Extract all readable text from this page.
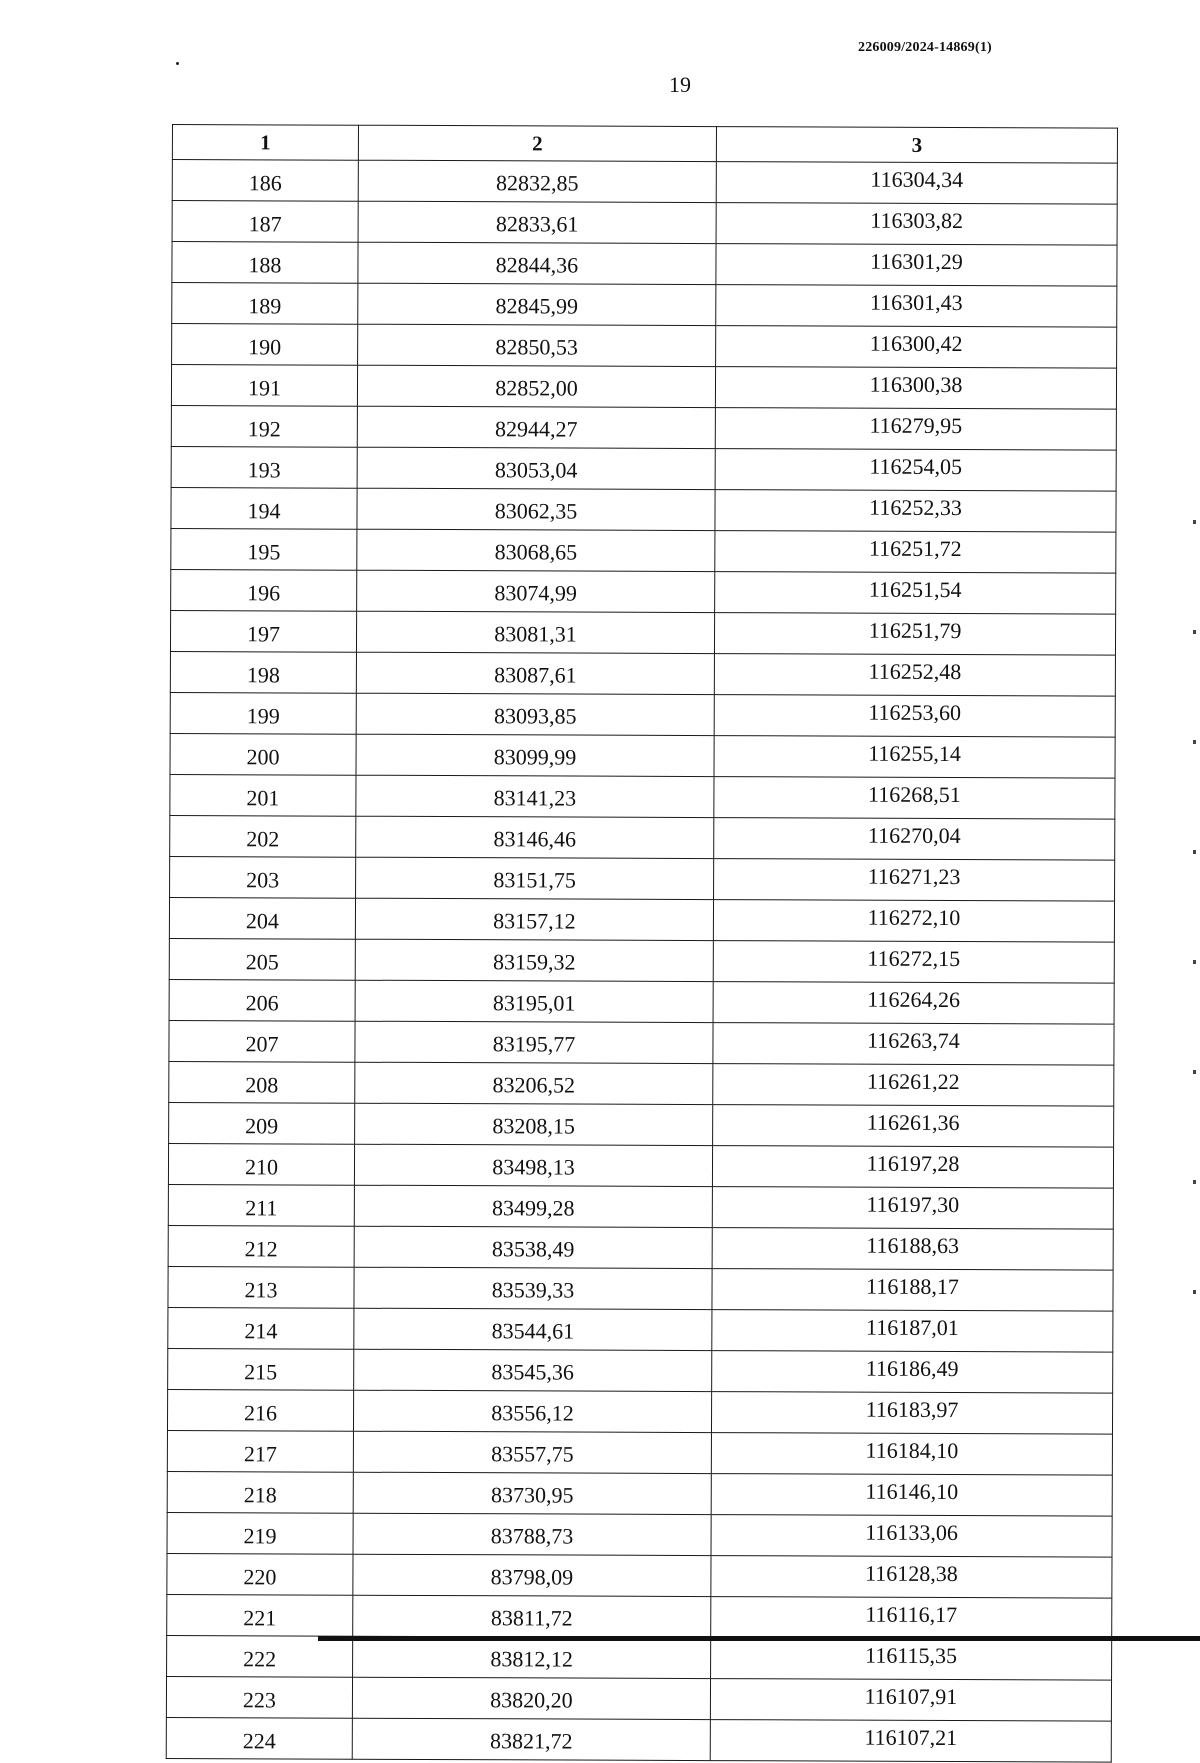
226009/2024-14869(1)
19
1	2	3
186	82832,85	116304,34
187	82833,61	116303,82
188	82844,36	116301,29
189	82845,99	116301,43
190	82850,53	116300,42
191	82852,00	116300,38
192	82944,27	116279,95
193	83053,04	116254,05
194	83062,35	116252,33
195	83068,65	116251,72
196	83074,99	116251,54
197	83081,31	116251,79
198	83087,61	116252,48
199	83093,85	116253,60
200	83099,99	116255,14
201	83141,23	116268,51
202	83146,46	116270,04
203	83151,75	116271,23
204	83157,12	116272,10
205	83159,32	116272,15
206	83195,01	116264,26
207	83195,77	116263,74
208	83206,52	116261,22
209	83208,15	116261,36
210	83498,13	116197,28
211	83499,28	116197,30
212	83538,49	116188,63
213	83539,33	116188,17
214	83544,61	116187,01
215	83545,36	116186,49
216	83556,12	116183,97
217	83557,75	116184,10
218	83730,95	116146,10
219	83788,73	116133,06
220	83798,09	116128,38
221	83811,72	116116,17
222	83812,12	116115,35
223	83820,20	116107,91
224	83821,72	116107,21
